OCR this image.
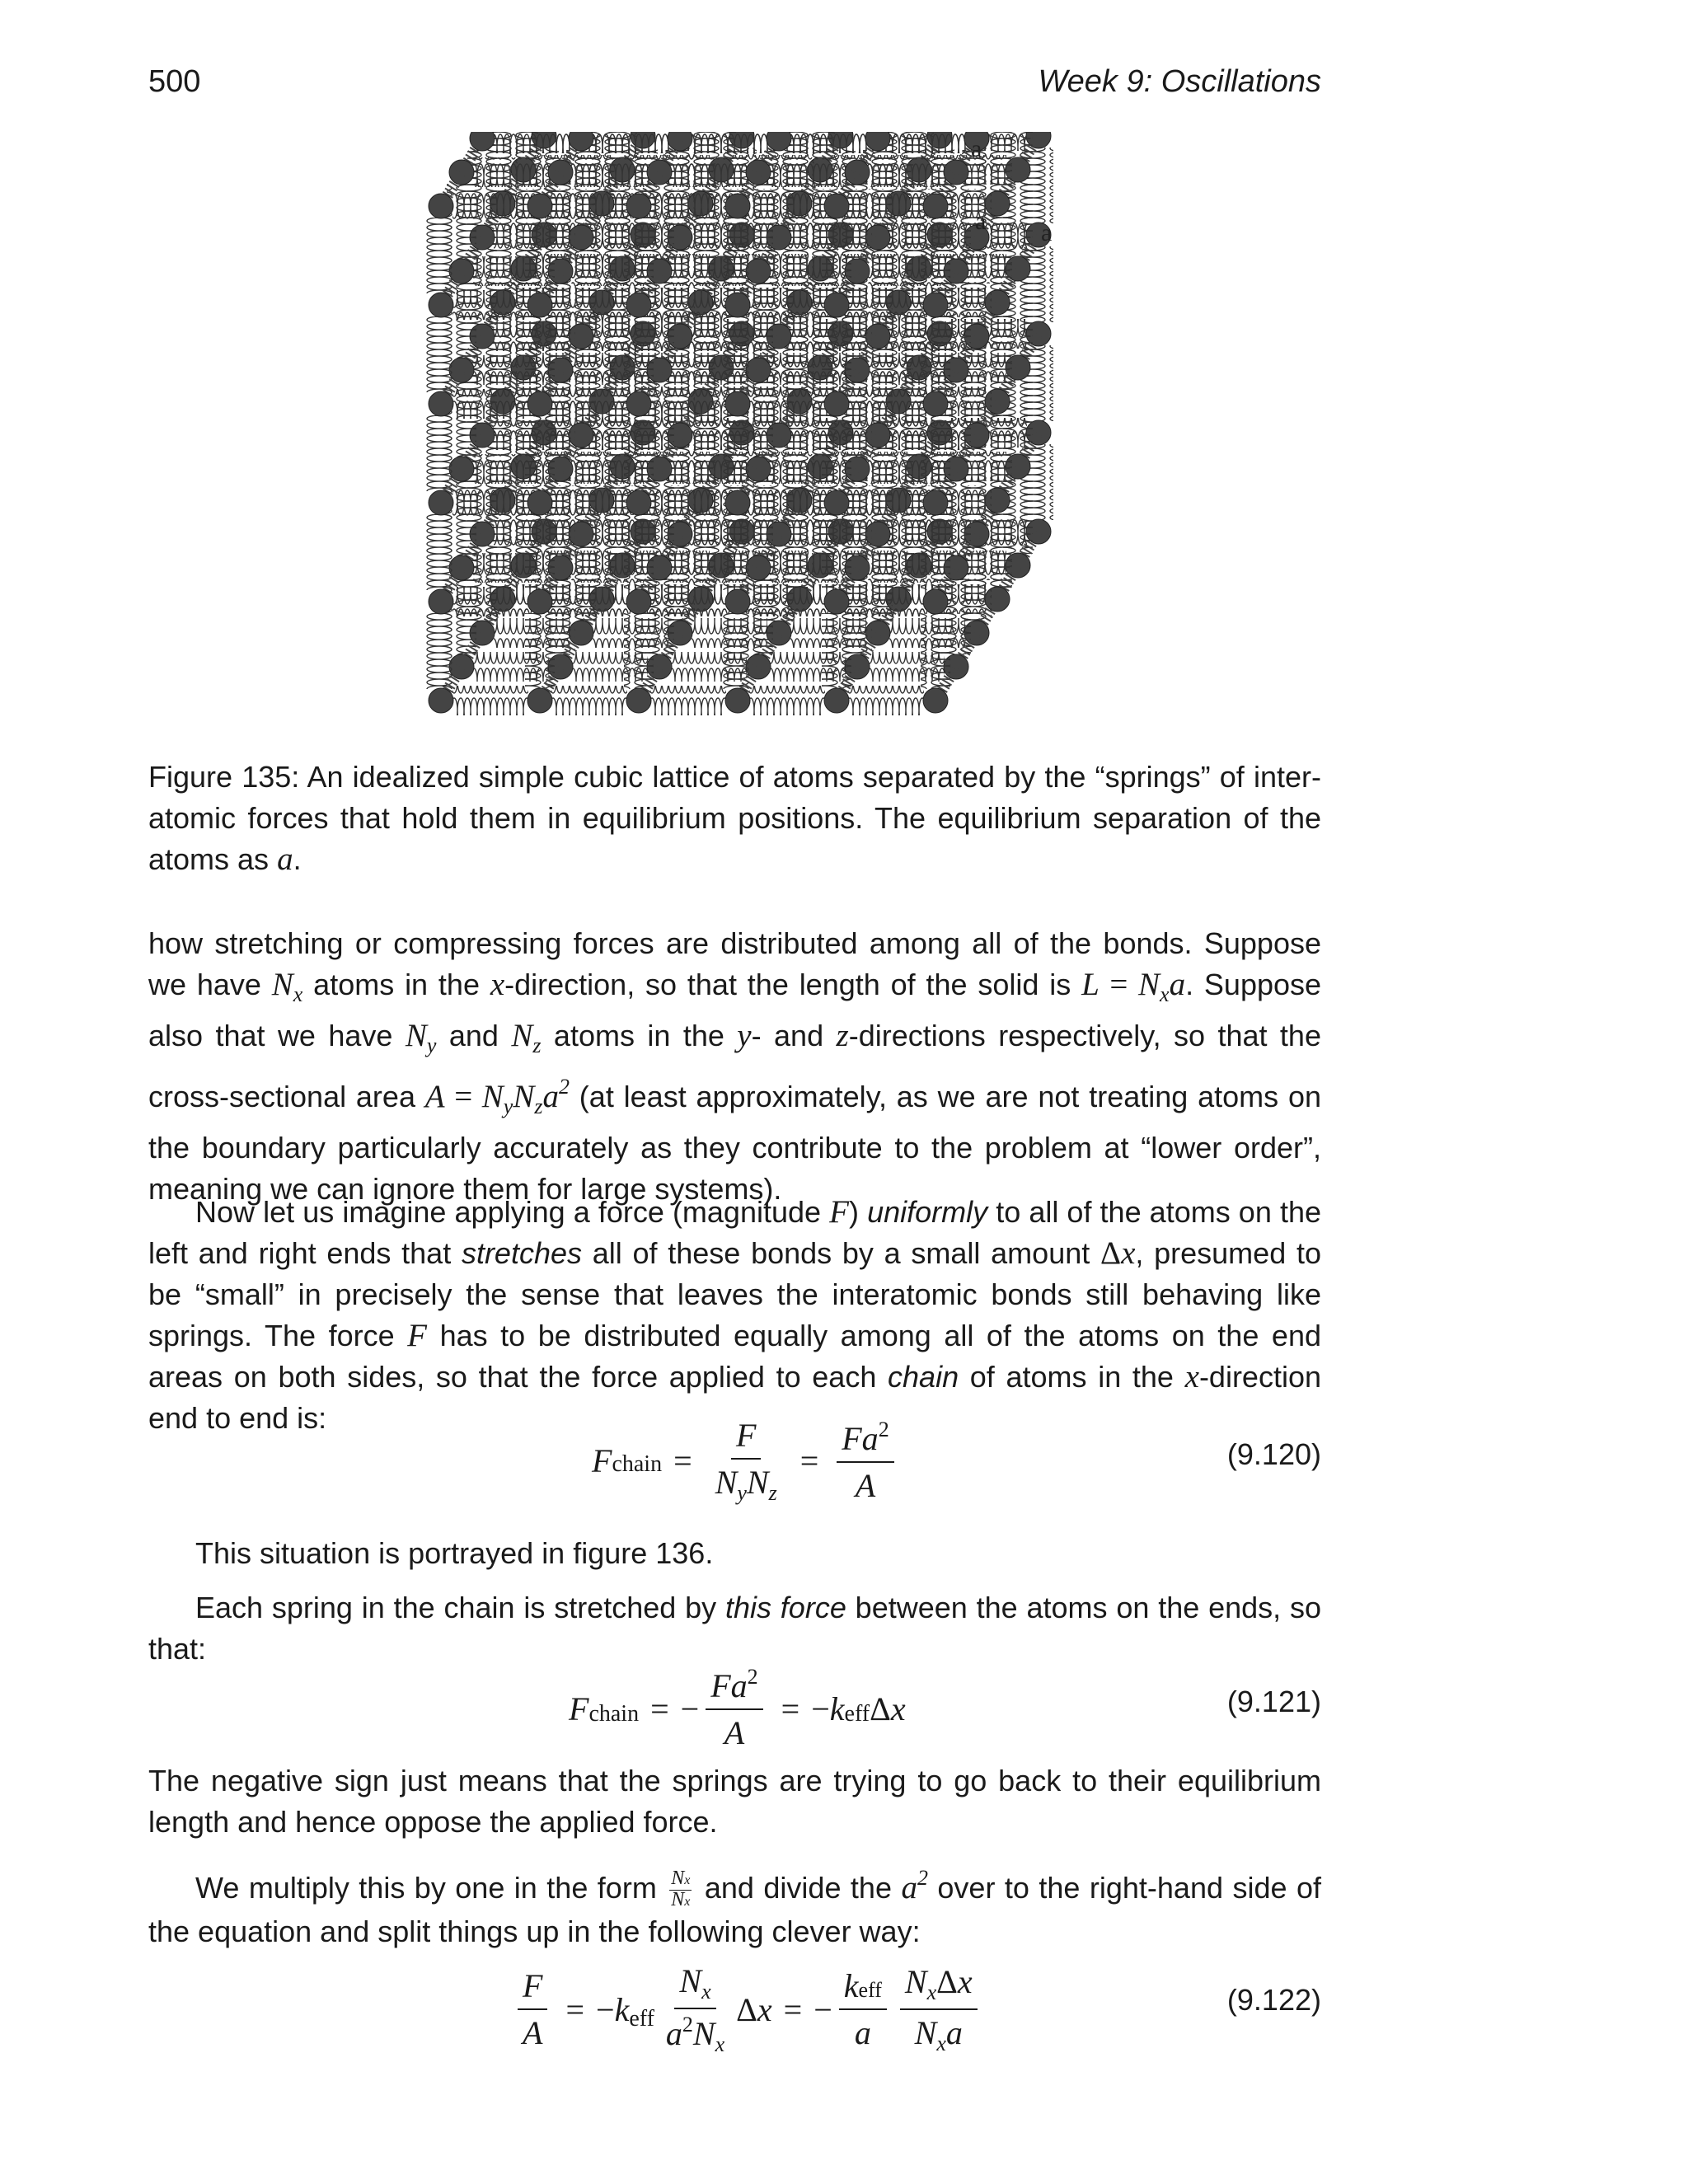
500	Week 9: Oscillations
a
a a
Figure 135: An idealized simple cubic lattice of atoms separated by the “springs” of inter-atomic forces that hold them in equilibrium positions. The equilibrium separation of the atoms as a.
how stretching or compressing forces are distributed among all of the bonds. Suppose we have $N_x$ atoms in the x-direction, so that the length of the solid is $L = N_xa$. Suppose also that we have $N_y$ and $N_z$ atoms in the y- and z-directions respectively, so that the cross-sectional area $A = N_yN_za^2$ (at least approximately, as we are not treating atoms on the boundary particularly accurately as they contribute to the problem at “lower order”, meaning we can ignore them for large systems).
Now let us imagine applying a force (magnitude F) uniformly to all of the atoms on the left and right ends that stretches all of these bonds by a small amount Δx, presumed to be “small” in precisely the sense that leaves the interatomic bonds still behaving like springs. The force F has to be distributed equally among all of the atoms on the end areas on both sides, so that the force applied to each chain of atoms in the x-direction end to end is:
F chain = $\frac{F}{N_yN_z} = \frac{Fa^2}{A}$	(9.120)
This situation is portrayed in figure 136.
Each spring in the chain is stretched by this force between the atoms on the ends, so that:
F chain = − $\frac{Fa^2}{A}$ = − k eff Δ x	(9.121)
The negative sign just means that the springs are trying to go back to their equilibrium length and hence oppose the applied force.
We multiply this by one in the form $\frac{Nx}{Nx}$ and divide the $a^2$ over to the right-hand side of the equation and split things up in the following clever way:
$\frac{F}{A}$ = − k eff $\frac{N_x}{a^2N_x}$ Δ x = − $\frac{\text{keff}}{a} \frac{N_x\Delta x}{N_xa}$	(9.122)
